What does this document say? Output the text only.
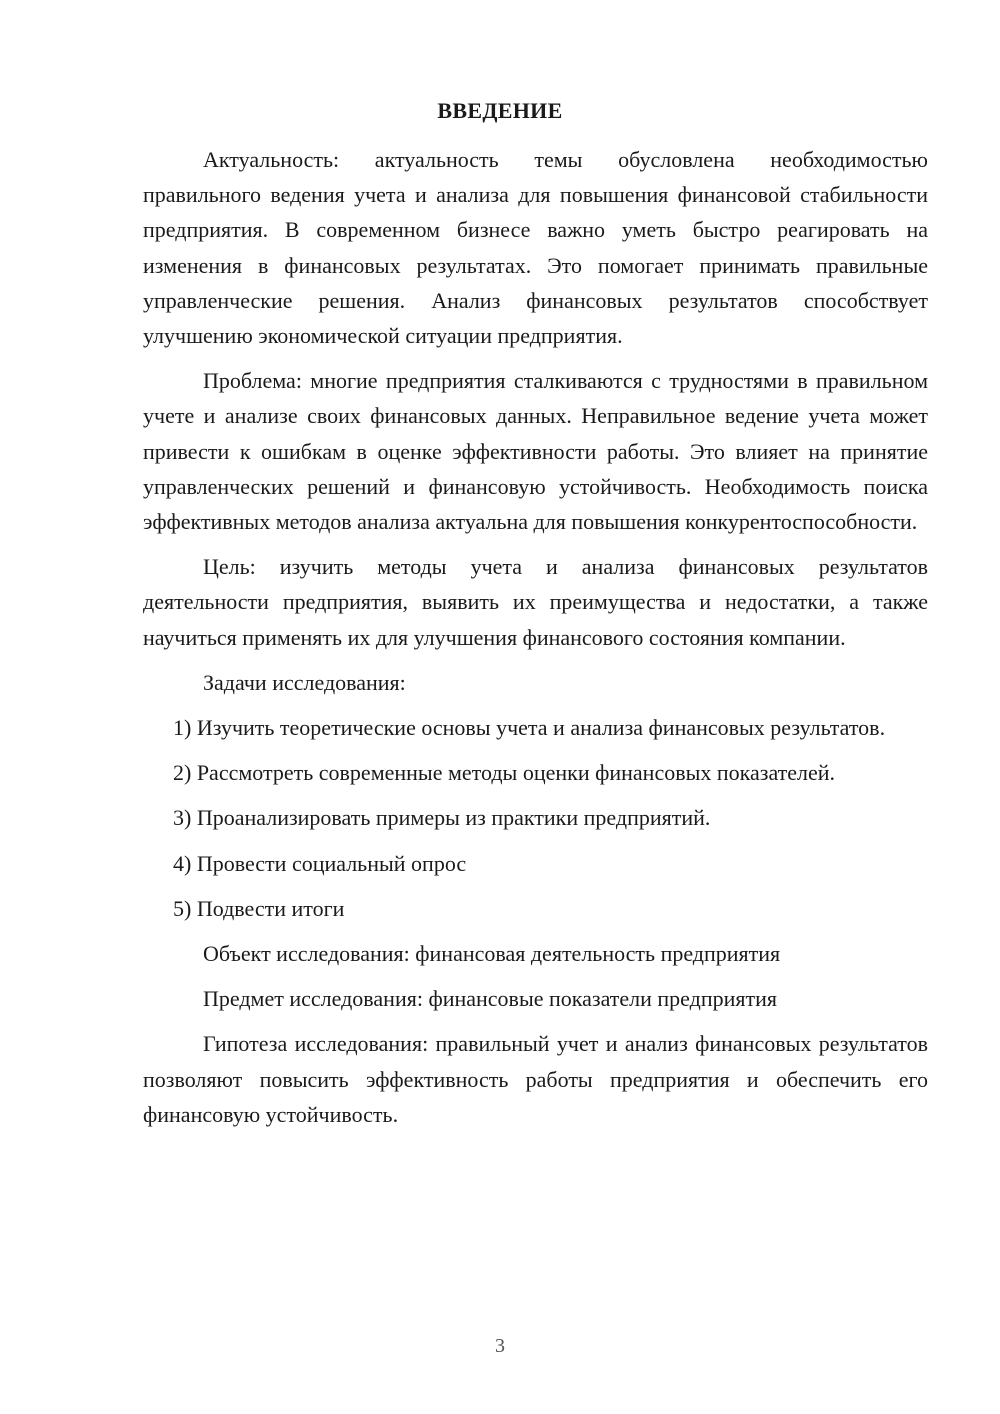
ВВЕДЕНИЕ

Актуальность: актуальность темы обусловлена необходимостью правильного ведения учета и анализа для повышения финансовой стабильности предприятия. В современном бизнесе важно уметь быстро реагировать на изменения в финансовых результатах. Это помогает принимать правильные управленческие решения. Анализ финансовых результатов способствует улучшению экономической ситуации предприятия.

Проблема: многие предприятия сталкиваются с трудностями в правильном учете и анализе своих финансовых данных. Неправильное ведение учета может привести к ошибкам в оценке эффективности работы. Это влияет на принятие управленческих решений и финансовую устойчивость. Необходимость поиска эффективных методов анализа актуальна для повышения конкурентоспособности.

Цель: изучить методы учета и анализа финансовых результатов деятельности предприятия, выявить их преимущества и недостатки, а также научиться применять их для улучшения финансового состояния компании.

Задачи исследования:

1) Изучить теоретические основы учета и анализа финансовых результатов.

2) Рассмотреть современные методы оценки финансовых показателей.

3) Проанализировать примеры из практики предприятий.

4) Провести социальный опрос

5) Подвести итоги

Объект исследования: финансовая деятельность предприятия

Предмет исследования: финансовые показатели предприятия

Гипотеза исследования: правильный учет и анализ финансовых результатов позволяют повысить эффективность работы предприятия и обеспечить его финансовую устойчивость.

3
